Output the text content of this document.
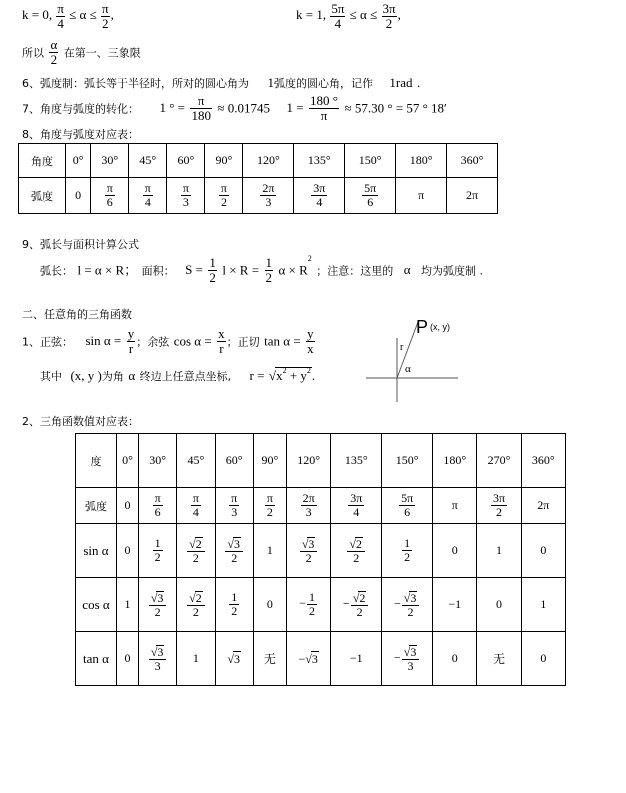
k = 0, $\frac{\pi}{4} \le \alpha \le \frac{\pi}{2}$ ,	k = 1, $\frac{5\pi}{4} \le \alpha \le \frac{3\pi}{2}$ ,
所以 $\frac{\alpha}{2}$ 在第一、三象限
6、弧度制：弧长等于半径时，所对的圆心角为 1弧度的圆心角，记作 1rad .
7、角度与弧度的转化： 1 ° = $\frac{\pi}{180} \approx 0.01745$ $1 = \frac{180 ^\circ}{\pi} \approx 57.30$ ° = 57 ° 18′
8、角度与弧度对应表：
角度	0°	30°	45°	60°	90°	120°	135°	150°	180°	360°
弧度	0	$\frac{\pi}{6}$	$\frac{\pi}{4}$	$\frac{\pi}{3}$	$\frac{\pi}{2}$	$\frac{2\pi}{3}$	$\frac{3\pi}{4}$	$\frac{5\pi}{6}$	π	2π
9、弧长与面积计算公式
弧长： l = α × R； 面积： $S = \frac{1}{2}$ $l \times R = \frac{1}{2}$ $\alpha \times R^2$ ；注意：这里的 α 均为弧度制 .
二、任意角的三角函数
1、正弦： $\sin \alpha = \frac{y}{r}$ ；余弦 $\cos \alpha = \frac{x}{r}$ ；正切 $\tan \alpha = \frac{y}{x}$
其中 (x, y )为角 α 终边上任意点坐标, $r = √x^2 + y^2$.
P (x, y)
r
α
2、三角函数值对应表：
度	0°	30°	45°	60°	90°	120°	135°	150°	180°	270°	360°
弧度	0	$\frac{\pi}{6}$	$\frac{\pi}{4}$	$\frac{\pi}{3}$	$\frac{\pi}{2}$	$\frac{2\pi}{3}$	$\frac{3\pi}{4}$	$\frac{5\pi}{6}$	π	$\frac{3\pi}{2}$	2π
sin α	0	$\frac{1}{2}$	$\frac{√2}{2}$	$\frac{√3}{2}$	1	$\frac{√3}{2}$	$\frac{√2}{2}$	$\frac{1}{2}$	0	1	0
cos α	1	$\frac{√3}{2}$	$\frac{√2}{2}$	$\frac{1}{2}$	0	− $\frac{1}{2}$	− $\frac{√2}{2}$	− $\frac{√3}{2}$	−1	0	1
tan α	0	$\frac{√3}{3}$	1	√3	无	−√3	−1	− $\frac{√3}{3}$	0	无	0
